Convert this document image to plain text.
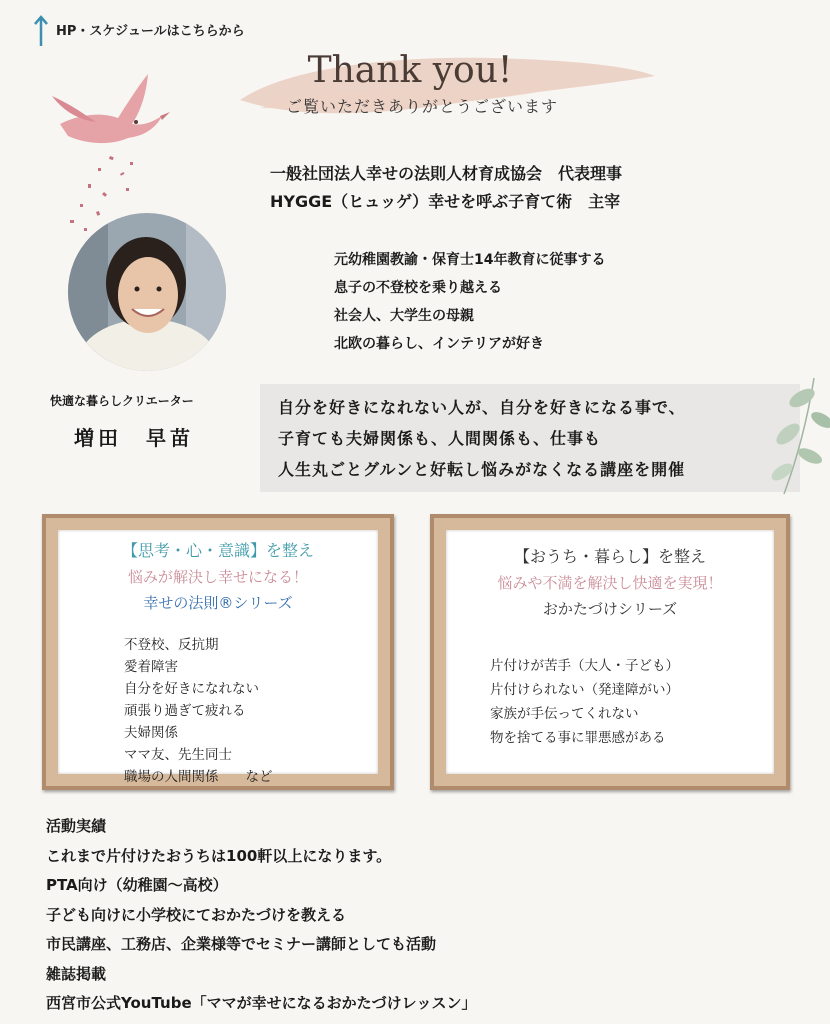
HP・スケジュールはこちらから
Thank you!
ご覧いただきありがとうございます
一般社団法人幸せの法則人材育成協会　代表理事
HYGGE（ヒュッゲ）幸せを呼ぶ子育て術　主宰
元幼稚園教諭・保育士14年教育に従事する
息子の不登校を乗り越える
社会人、大学生の母親
北欧の暮らし、インテリアが好き
快適な暮らしクリエーター
増田　早苗
自分を好きになれない人が、自分を好きになる事で、
子育ても夫婦関係も、人間関係も、仕事も
人生丸ごとグルンと好転し悩みがなくなる講座を開催
【思考・心・意識】を整え
悩みが解決し幸せになる！
幸せの法則®シリーズ
不登校、反抗期
愛着障害
自分を好きになれない
頑張り過ぎて疲れる
夫婦関係
ママ友、先生同士
職場の人間関係　　など
【おうち・暮らし】を整え
悩みや不満を解決し快適を実現！
おかたづけシリーズ
片付けが苦手（大人・子ども）
片付けられない（発達障がい）
家族が手伝ってくれない
物を捨てる事に罪悪感がある
活動実績
これまで片付けたおうちは100軒以上になります。
PTA向け（幼稚園〜高校）
子ども向けに小学校にておかたづけを教える
市民講座、工務店、企業様等でセミナー講師としても活動
雑誌掲載
西宮市公式YouTube「ママが幸せになるおかたづけレッスン」
